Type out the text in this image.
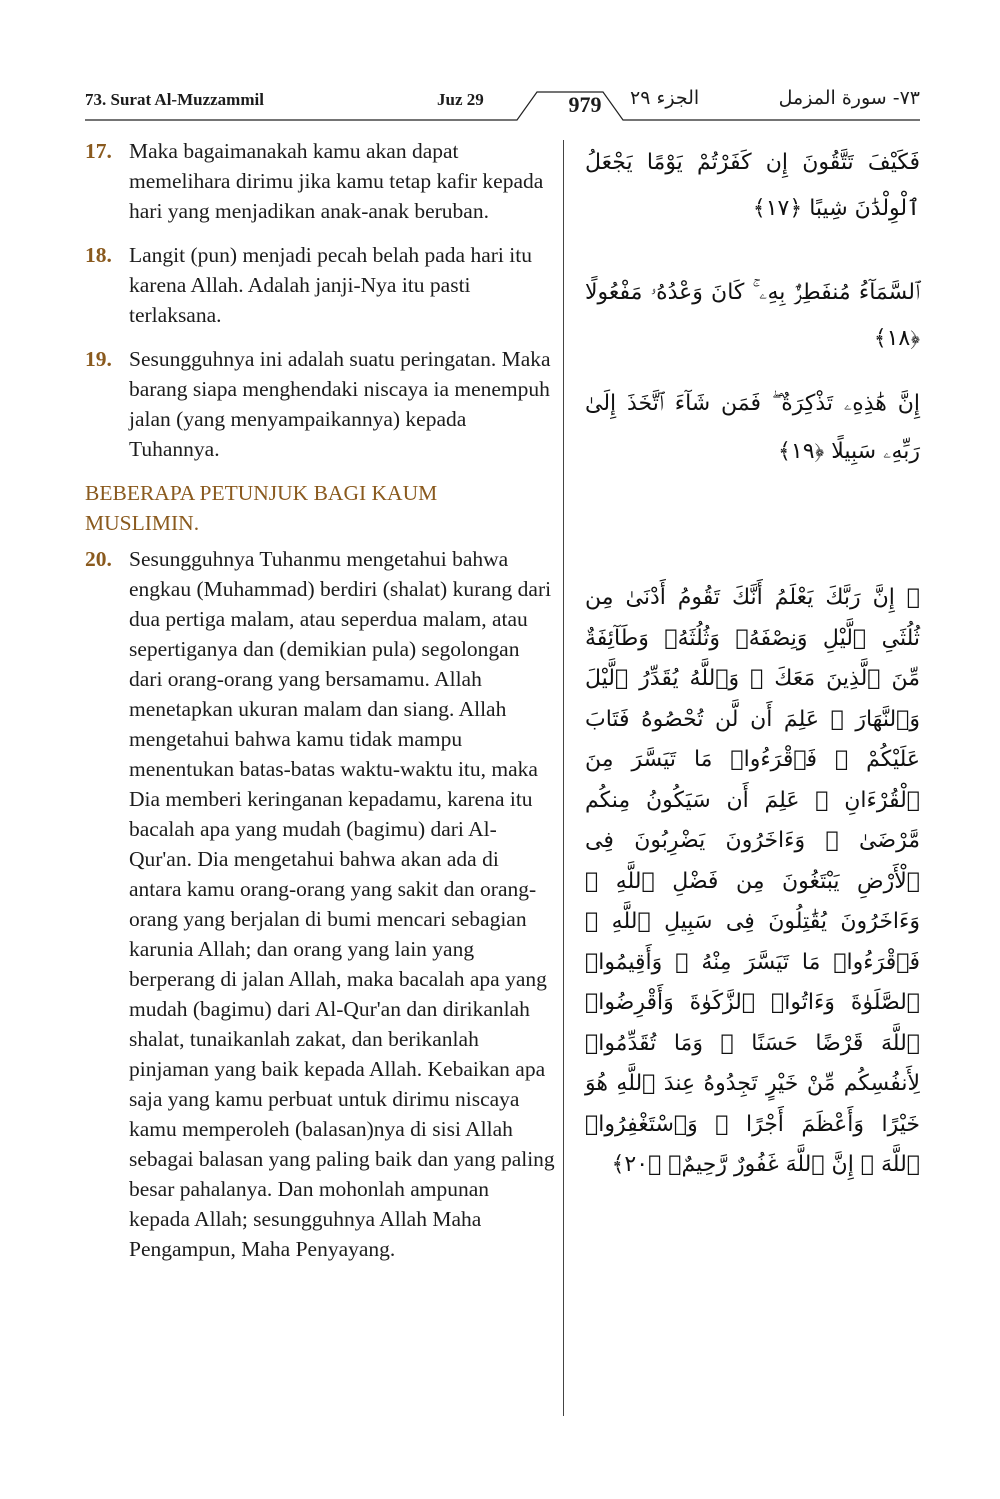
73. Surat Al-Muzzammil	Juz 29	979	الجزء ٢٩	٧٣- سورة المزمل
17. Maka bagaimanakah kamu akan dapat memelihara dirimu jika kamu tetap kafir kepada hari yang menjadikan anak-anak beruban.
18. Langit (pun) menjadi pecah belah pada hari itu karena Allah. Adalah janji-Nya itu pasti terlaksana.
19. Sesungguhnya ini adalah suatu peringatan. Maka barang siapa menghendaki niscaya ia menempuh jalan (yang menyampaikannya) kepada Tuhannya.
BEBERAPA PETUNJUK BAGI KAUM MUSLIMIN.
20. Sesungguhnya Tuhanmu mengetahui bahwa engkau (Muhammad) berdiri (shalat) kurang dari dua pertiga malam, atau seperdua malam, atau sepertiganya dan (demikian pula) segolongan dari orang-orang yang bersamamu. Allah menetapkan ukuran malam dan siang. Allah mengetahui bahwa kamu tidak mampu menentukan batas-batas waktu-waktu itu, maka Dia memberi keringanan kepadamu, karena itu bacalah apa yang mudah (bagimu) dari Al-Qur'an. Dia mengetahui bahwa akan ada di antara kamu orang-orang yang sakit dan orang-orang yang berjalan di bumi mencari sebagian karunia Allah; dan orang yang lain yang berperang di jalan Allah, maka bacalah apa yang mudah (bagimu) dari Al-Qur'an dan dirikanlah shalat, tunaikanlah zakat, dan berikanlah pinjaman yang baik kepada Allah. Kebaikan apa saja yang kamu perbuat untuk dirimu niscaya kamu memperoleh (balasan)nya di sisi Allah sebagai balasan yang paling baik dan yang paling besar pahalanya. Dan mohonlah ampunan kepada Allah; sesungguhnya Allah Maha Pengampun, Maha Penyayang.
فَكَيْفَ تَتَّقُونَ إِن كَفَرْتُمْ يَوْمًا يَجْعَلُ ٱلْوِلْدَٰنَ شِيبًا ﴿١٧﴾
ٱلسَّمَآءُ مُنفَطِرٌۢ بِهِۦ ۚ كَانَ وَعْدُهُۥ مَفْعُولًا ﴿١٨﴾
إِنَّ هَٰذِهِۦ تَذْكِرَةٌ ۖ فَمَن شَآءَ ٱتَّخَذَ إِلَىٰ رَبِّهِۦ سَبِيلًا ﴿١٩﴾
۞ إِنَّ رَبَّكَ يَعْلَمُ أَنَّكَ تَقُومُ أَدْنَىٰ مِن ثُلُثَىِ ٱلَّيْلِ وَنِصْفَهُۥ وَثُلُثَهُۥ وَطَآئِفَةٌ مِّنَ ٱلَّذِينَ مَعَكَ ۚ وَٱللَّهُ يُقَدِّرُ ٱلَّيْلَ وَٱلنَّهَارَ ۚ عَلِمَ أَن لَّن تُحْصُوهُ فَتَابَ عَلَيْكُمْ ۖ فَٱقْرَءُوا۟ مَا تَيَسَّرَ مِنَ ٱلْقُرْءَانِ ۚ عَلِمَ أَن سَيَكُونُ مِنكُم مَّرْضَىٰ ۙ وَءَاخَرُونَ يَضْرِبُونَ فِى ٱلْأَرْضِ يَبْتَغُونَ مِن فَضْلِ ٱللَّهِ ۙ وَءَاخَرُونَ يُقَٰتِلُونَ فِى سَبِيلِ ٱللَّهِ ۖ فَٱقْرَءُوا۟ مَا تَيَسَّرَ مِنْهُ ۚ وَأَقِيمُوا۟ ٱلصَّلَوٰةَ وَءَاتُوا۟ ٱلزَّكَوٰةَ وَأَقْرِضُوا۟ ٱللَّهَ قَرْضًا حَسَنًا ۚ وَمَا تُقَدِّمُوا۟ لِأَنفُسِكُم مِّنْ خَيْرٍ تَجِدُوهُ عِندَ ٱللَّهِ هُوَ خَيْرًا وَأَعْظَمَ أَجْرًا ۚ وَٱسْتَغْفِرُوا۟ ٱللَّهَ ۖ إِنَّ ٱللَّهَ غَفُورٌ رَّحِيمٌۢ ﴿٢٠﴾
